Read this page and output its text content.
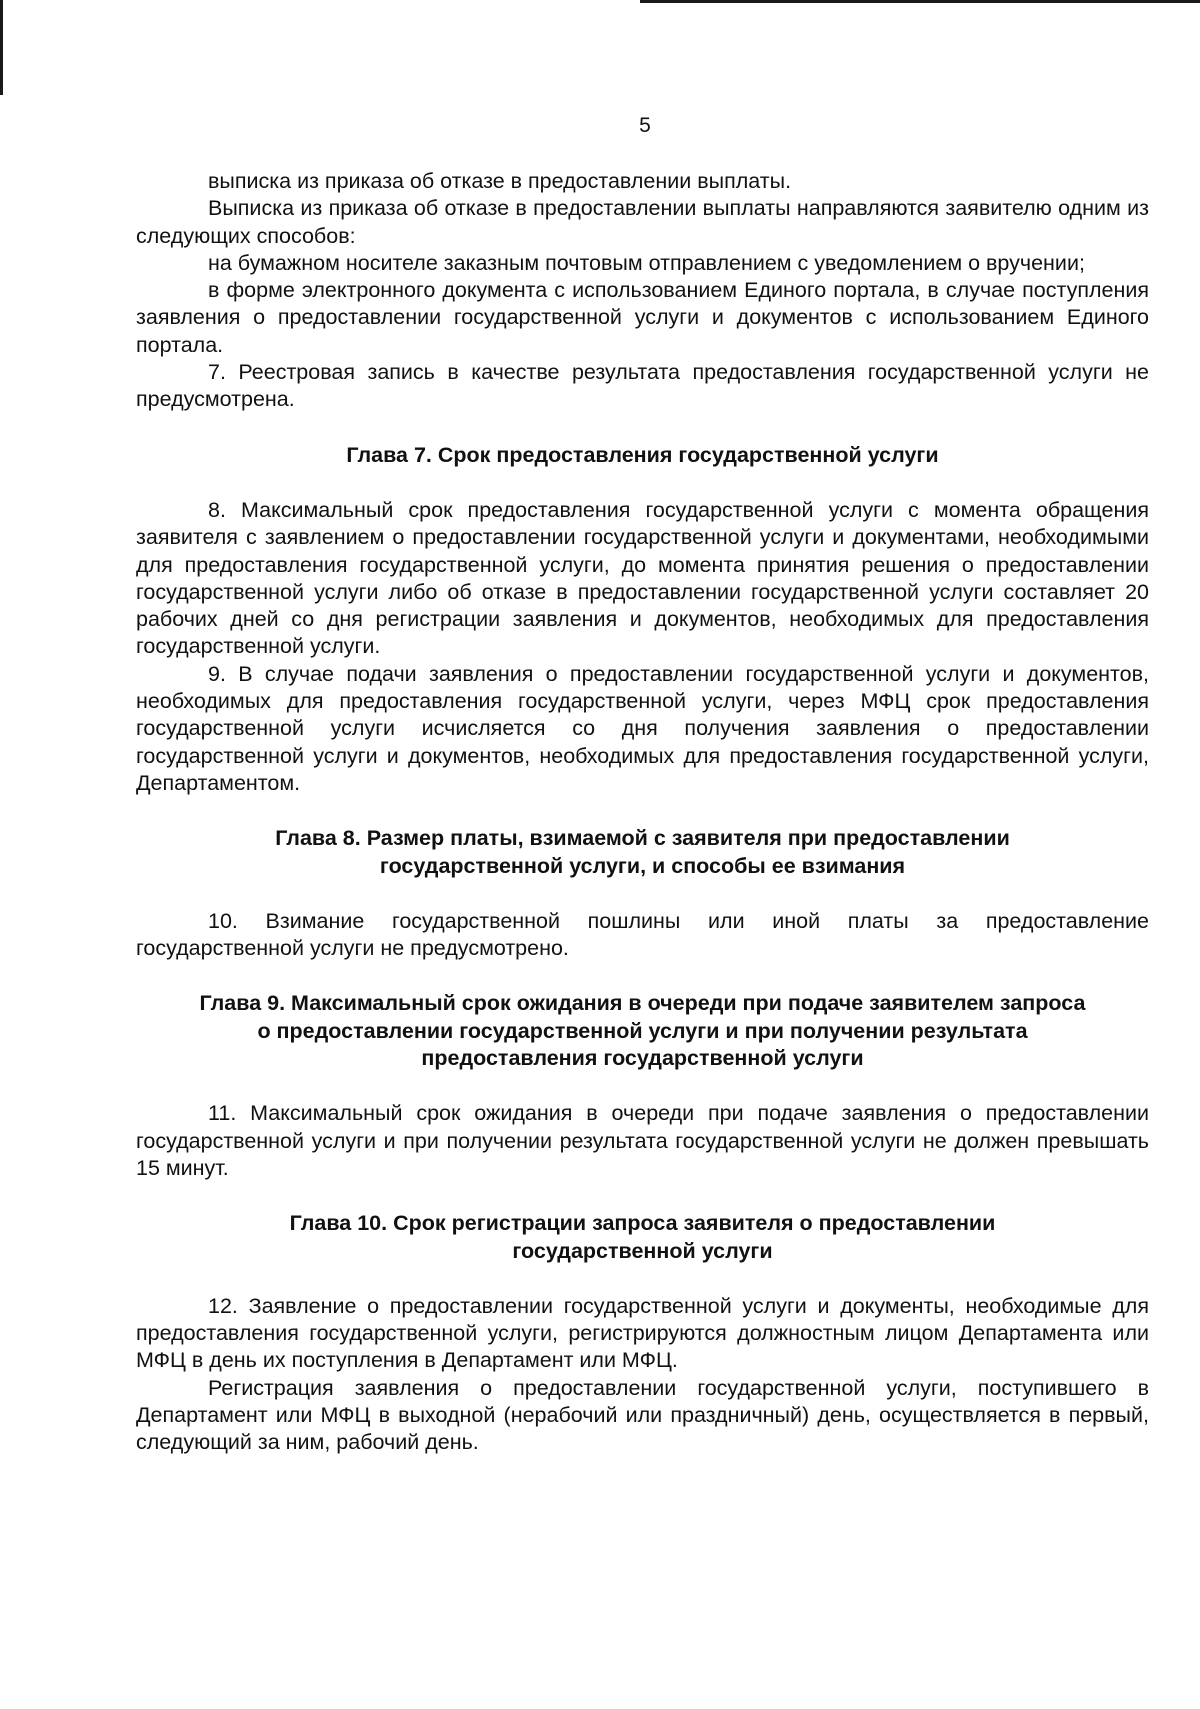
5

выписка из приказа об отказе в предоставлении выплаты.

Выписка из приказа об отказе в предоставлении выплаты направляются заявителю одним из следующих способов:

на бумажном носителе заказным почтовым отправлением с уведомлением о вручении;

в форме электронного документа с использованием Единого портала, в случае поступления заявления о предоставлении государственной услуги и документов с использованием Единого портала.

7. Реестровая запись в качестве результата предоставления государственной услуги не предусмотрена.

Глава 7. Срок предоставления государственной услуги

8. Максимальный срок предоставления государственной услуги с момента обращения заявителя с заявлением о предоставлении государственной услуги и документами, необходимыми для предоставления государственной услуги, до момента принятия решения о предоставлении государственной услуги либо об отказе в предоставлении государственной услуги составляет 20 рабочих дней со дня регистрации заявления и документов, необходимых для предоставления государственной услуги.

9. В случае подачи заявления о предоставлении государственной услуги и документов, необходимых для предоставления государственной услуги, через МФЦ срок предоставления государственной услуги исчисляется со дня получения заявления о предоставлении государственной услуги и документов, необходимых для предоставления государственной услуги, Департаментом.

Глава 8. Размер платы, взимаемой с заявителя при предоставлении
государственной услуги, и способы ее взимания

10. Взимание государственной пошлины или иной платы за предоставление государственной услуги не предусмотрено.

Глава 9. Максимальный срок ожидания в очереди при подаче заявителем запроса
о предоставлении государственной услуги и при получении результата
предоставления государственной услуги

11. Максимальный срок ожидания в очереди при подаче заявления о предоставлении государственной услуги и при получении результата государственной услуги не должен превышать 15 минут.

Глава 10. Срок регистрации запроса заявителя о предоставлении
государственной услуги

12. Заявление о предоставлении государственной услуги и документы, необходимые для предоставления государственной услуги, регистрируются должностным лицом Департамента или МФЦ в день их поступления в Департамент или МФЦ.

Регистрация заявления о предоставлении государственной услуги, поступившего в Департамент или МФЦ в выходной (нерабочий или праздничный) день, осуществляется в первый, следующий за ним, рабочий день.
